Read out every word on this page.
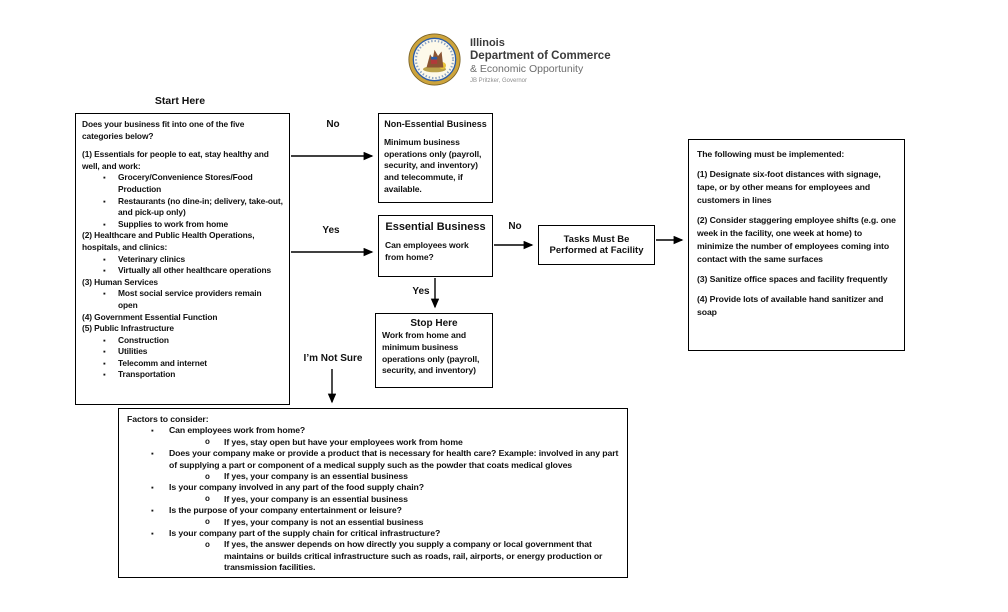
Illinois
Department of Commerce
& Economic Opportunity
JB Pritzker, Governor
Start Here
No
Yes	No
Yes
I’m Not Sure
Does your business fit into one of the five categories below?
(1) Essentials for people to eat, stay healthy and well, and work:
▪ Grocery/Convenience Stores/Food Production
▪ Restaurants (no dine-in; delivery, take-out, and pick-up only)
▪ Supplies to work from home
(2) Healthcare and Public Health Operations, hospitals, and clinics:
▪ Veterinary clinics
▪ Virtually all other healthcare operations
(3) Human Services
▪ Most social service providers remain open
(4) Government Essential Function
(5) Public Infrastructure
▪ Construction
▪ Utilities
▪ Telecomm and internet
▪ Transportation
Non-Essential Business
Minimum business operations only (payroll, security, and inventory) and telecommute, if available.
Essential Business
Can employees work from home?
Tasks Must Be Performed at Facility
The following must be implemented:
(1) Designate six-foot distances with signage, tape, or by other means for employees and customers in lines
(2) Consider staggering employee shifts (e.g. one week in the facility, one week at home) to minimize the number of employees coming into contact with the same surfaces
(3) Sanitize office spaces and facility frequently
(4) Provide lots of available hand sanitizer and soap
Stop Here
Work from home and minimum business operations only (payroll, security, and inventory)
Factors to consider:
▪ Can employees work from home?
o If yes, stay open but have your employees work from home
▪ Does your company make or provide a product that is necessary for health care? Example: involved in any part of supplying a part or component of a medical supply such as the powder that coats medical gloves
o If yes, your company is an essential business
▪ Is your company involved in any part of the food supply chain?
o If yes, your company is an essential business
▪ Is the purpose of your company entertainment or leisure?
o If yes, your company is not an essential business
▪ Is your company part of the supply chain for critical infrastructure?
o If yes, the answer depends on how directly you supply a company or local government that maintains or builds critical infrastructure such as roads, rail, airports, or energy production or transmission facilities.
